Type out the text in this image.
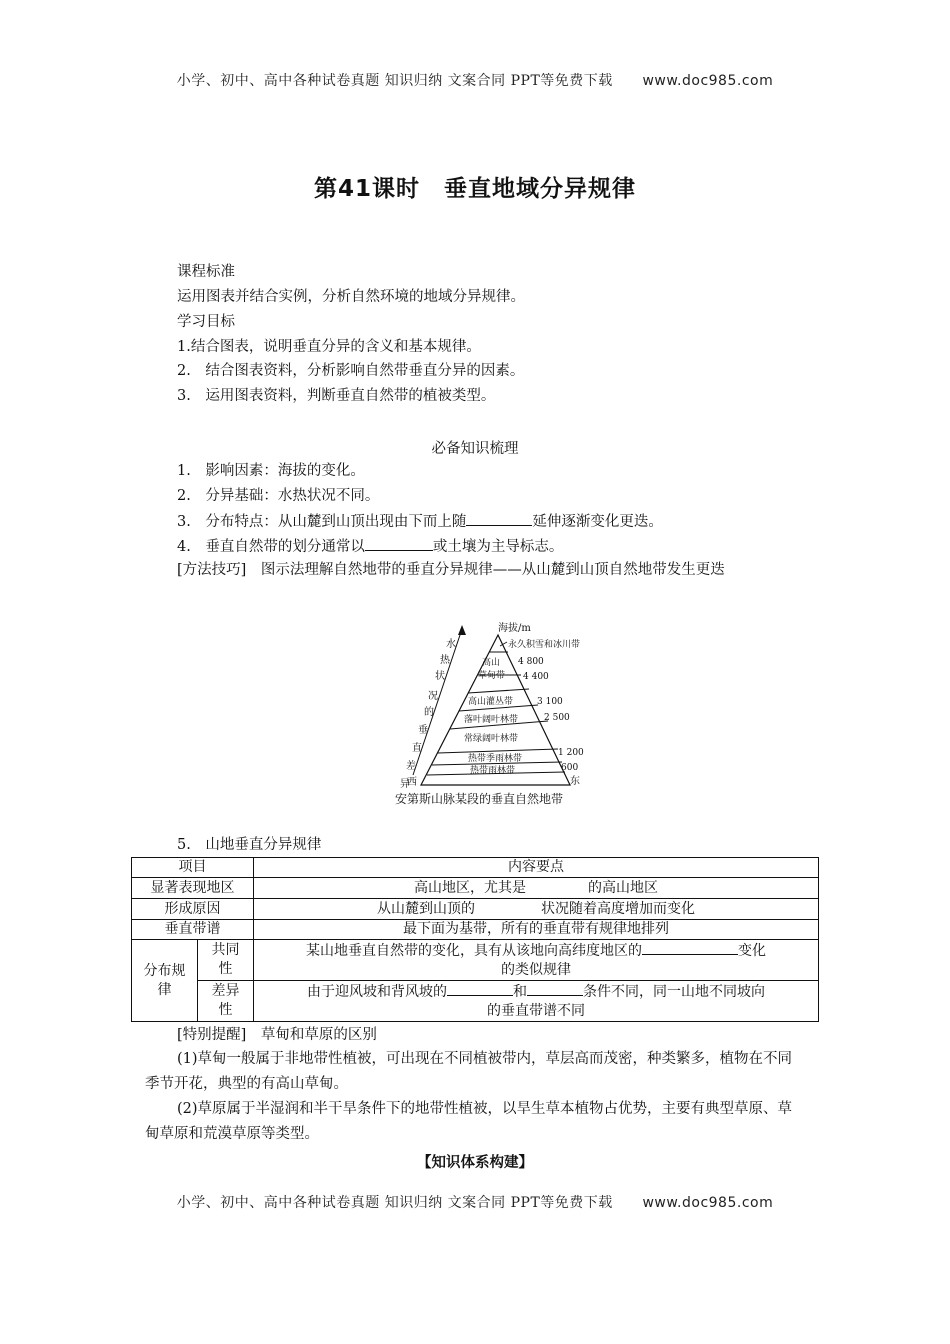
小学、初中、高中各种试卷真题 知识归纳 文案合同 PPT等免费下载 www.doc985.com
第41课时　垂直地域分异规律
课程标准
运用图表并结合实例，分析自然环境的地域分异规律。
学习目标
1.结合图表，说明垂直分异的含义和基本规律。
2.　结合图表资料，分析影响自然带垂直分异的因素。
3.　运用图表资料，判断垂直自然带的植被类型。
必备知识梳理
1.　影响因素：海拔的变化。
2.　分异基础：水热状况不同。
3.　分布特点：从山麓到山顶出现由下而上随	延伸逐渐变化更迭。
4.　垂直自然带的划分通常以	或土壤为主导标志。
[方法技巧]　图示法理解自然地带的垂直分异规律——从山麓到山顶自然地带发生更迭
海拔/m
水
热
状
况
的
垂
直
差
异
西	东
永久积雪和冰川带
高山
草甸带
高山灌丛带
落叶阔叶林带
常绿阔叶林带
热带季雨林带
热带雨林带
4 800
4 400
3 100
2 500
1 200
600
安第斯山脉某段的垂直自然地带
5.　山地垂直分异规律
项目		内容要点
显著表现地区		高山地区，尤其是 的高山地区
形成原因		从山麓到山顶的 状况随着高度增加而变化
垂直带谱		最下面为基带，所有的垂直带有规律地排列
分布规律	共同性	某山地垂直自然带的变化，具有从该地向高纬度地区的 变化
的类似规律
	差异性	由于迎风坡和背风坡的 和 条件不同，同一山地不同坡向
的垂直带谱不同
[特别提醒]　草甸和草原的区别
(1)草甸一般属于非地带性植被，可出现在不同植被带内，草层高而茂密，种类繁多，植物在不同季节开花，典型的有高山草甸。
(2)草原属于半湿润和半干旱条件下的地带性植被，以旱生草本植物占优势，主要有典型草原、草甸草原和荒漠草原等类型。
【知识体系构建】
小学、初中、高中各种试卷真题 知识归纳 文案合同 PPT等免费下载 www.doc985.com
